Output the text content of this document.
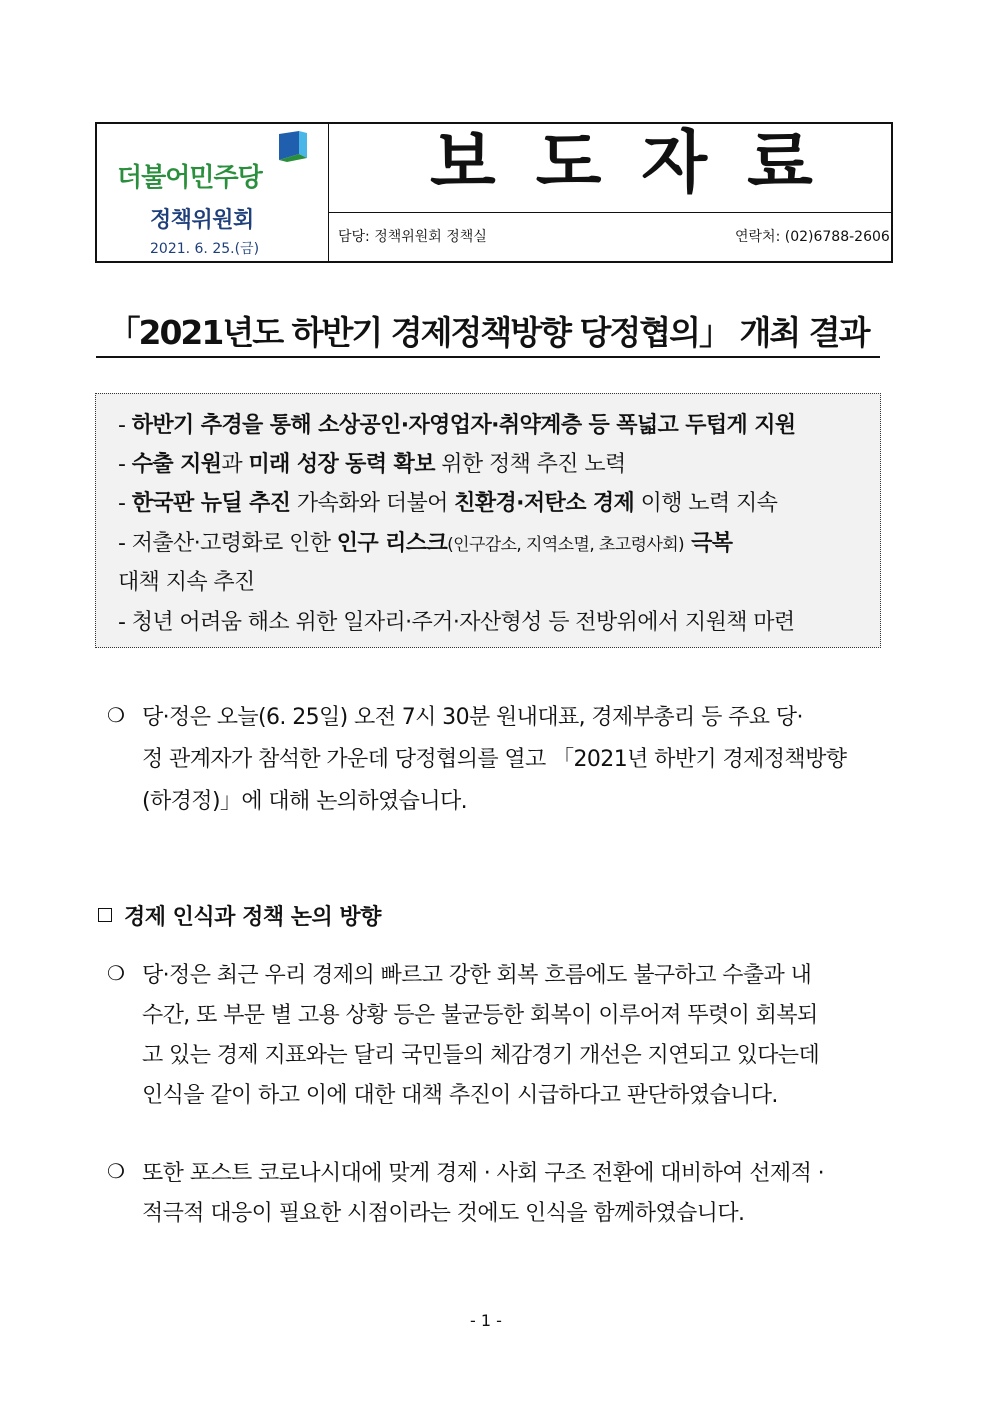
더불어민주당
정책위원회
2021. 6. 25.(금)
보도자료
담당: 정책위원회 정책실	연락처: (02)6788-2606
「2021년도 하반기 경제정책방향 당정협의」 개최 결과
- 하반기 추경을 통해 소상공인·자영업자·취약계층 등 폭넓고 두텁게 지원
- 수출 지원과 미래 성장 동력 확보 위한 정책 추진 노력
- 한국판 뉴딜 추진 가속화와 더불어 친환경·저탄소 경제 이행 노력 지속
- 저출산·고령화로 인한 인구 리스크(인구감소, 지역소멸, 초고령사회) 극복
대책 지속 추진
- 청년 어려움 해소 위한 일자리·주거·자산형성 등 전방위에서 지원책 마련
❍ 당·정은 오늘(6. 25일) 오전 7시 30분 원내대표, 경제부총리 등 주요 당·
정 관계자가 참석한 가운데 당정협의를 열고 「2021년 하반기 경제정책방향
(하경정)」에 대해 논의하였습니다.
경제 인식과 정책 논의 방향
❍ 당·정은 최근 우리 경제의 빠르고 강한 회복 흐름에도 불구하고 수출과 내
수간, 또 부문 별 고용 상황 등은 불균등한 회복이 이루어져 뚜렷이 회복되
고 있는 경제 지표와는 달리 국민들의 체감경기 개선은 지연되고 있다는데
인식을 같이 하고 이에 대한 대책 추진이 시급하다고 판단하였습니다.
❍ 또한 포스트 코로나시대에 맞게 경제 · 사회 구조 전환에 대비하여 선제적 ·
적극적 대응이 필요한 시점이라는 것에도 인식을 함께하였습니다.
- 1 -
